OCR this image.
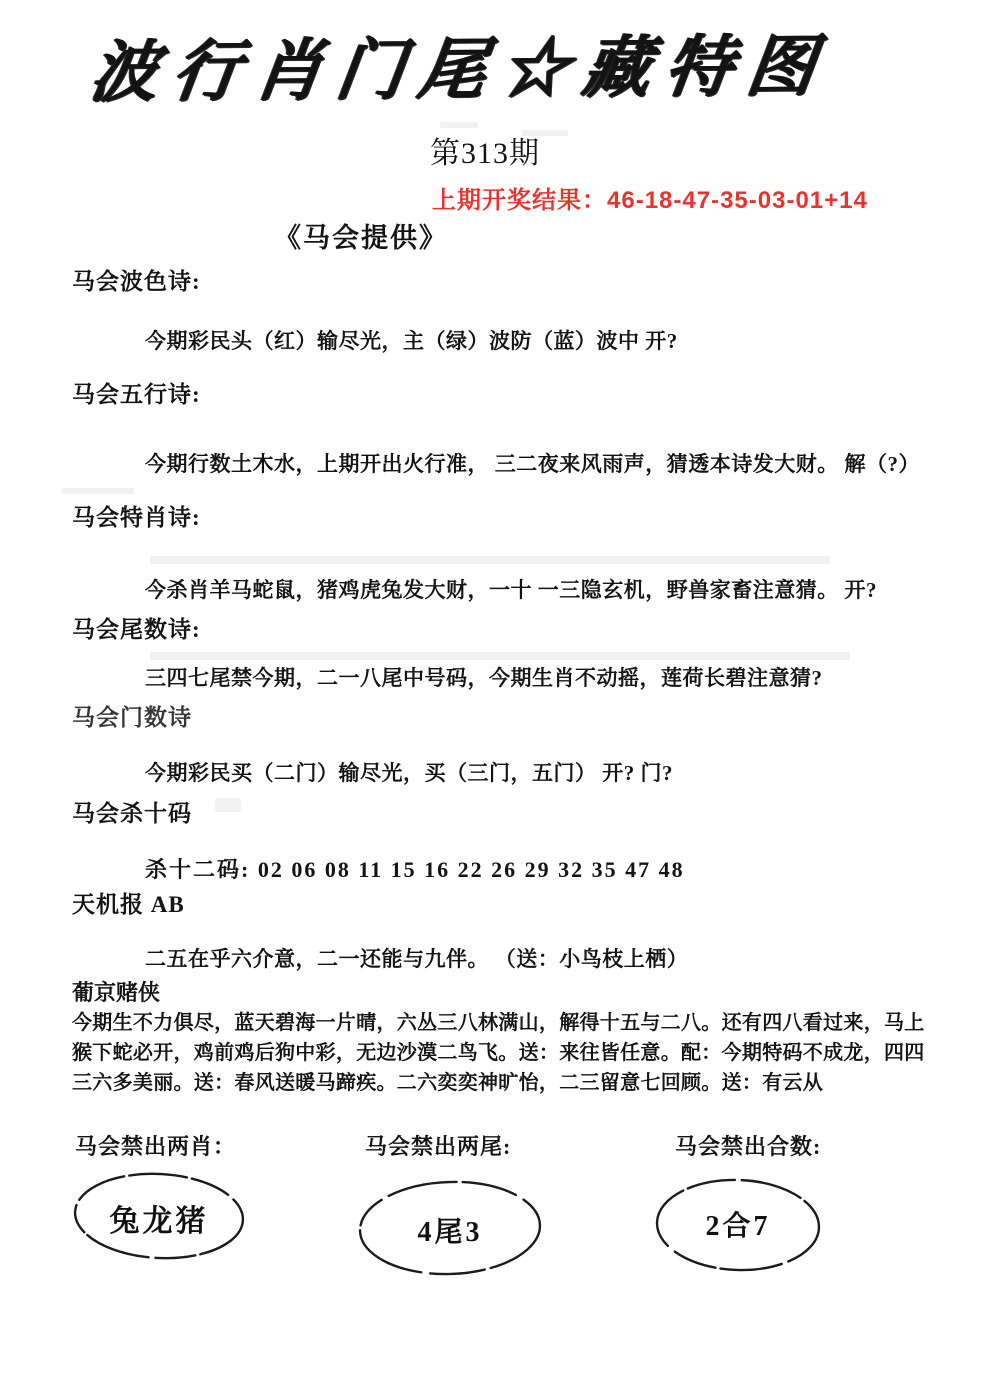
波行肖门尾☆藏特图
第313期
上期开奖结果：46-18-47-35-03-01+14
《马会提供》
马会波色诗:
今期彩民头（红）输尽光，主（绿）波防（蓝）波中 开?
马会五行诗:
今期行数土木水，上期开出火行准， 三二夜来风雨声，猜透本诗发大财。 解（?）
马会特肖诗:
今杀肖羊马蛇鼠，猪鸡虎兔发大财，一十 一三隐玄机，野兽家畜注意猜。 开?
马会尾数诗:
三四七尾禁今期，二一八尾中号码，今期生肖不动摇，莲荷长碧注意猜?
马会门数诗
今期彩民买（二门）输尽光，买（三门，五门） 开? 门?
马会杀十码
杀十二码: 02 06 08 11 15 16 22 26 29 32 35 47 48
天机报 AB
二五在乎六介意，二一还能与九伴。 （送：小鸟枝上栖）
葡京赌侠
今期生不力俱尽，蓝天碧海一片晴，六丛三八林满山，解得十五与二八。还有四八看过来，马上
猴下蛇必开，鸡前鸡后狗中彩，无边沙漠二鸟飞。送：来往皆任意。配：今期特码不成龙，四四
三六多美丽。送：春风送暖马蹄疾。二六奕奕神旷怡，二三留意七回顾。送：有云从
马会禁出两肖：	马会禁出两尾:	马会禁出合数:
兔龙猪	4尾3	2合7
